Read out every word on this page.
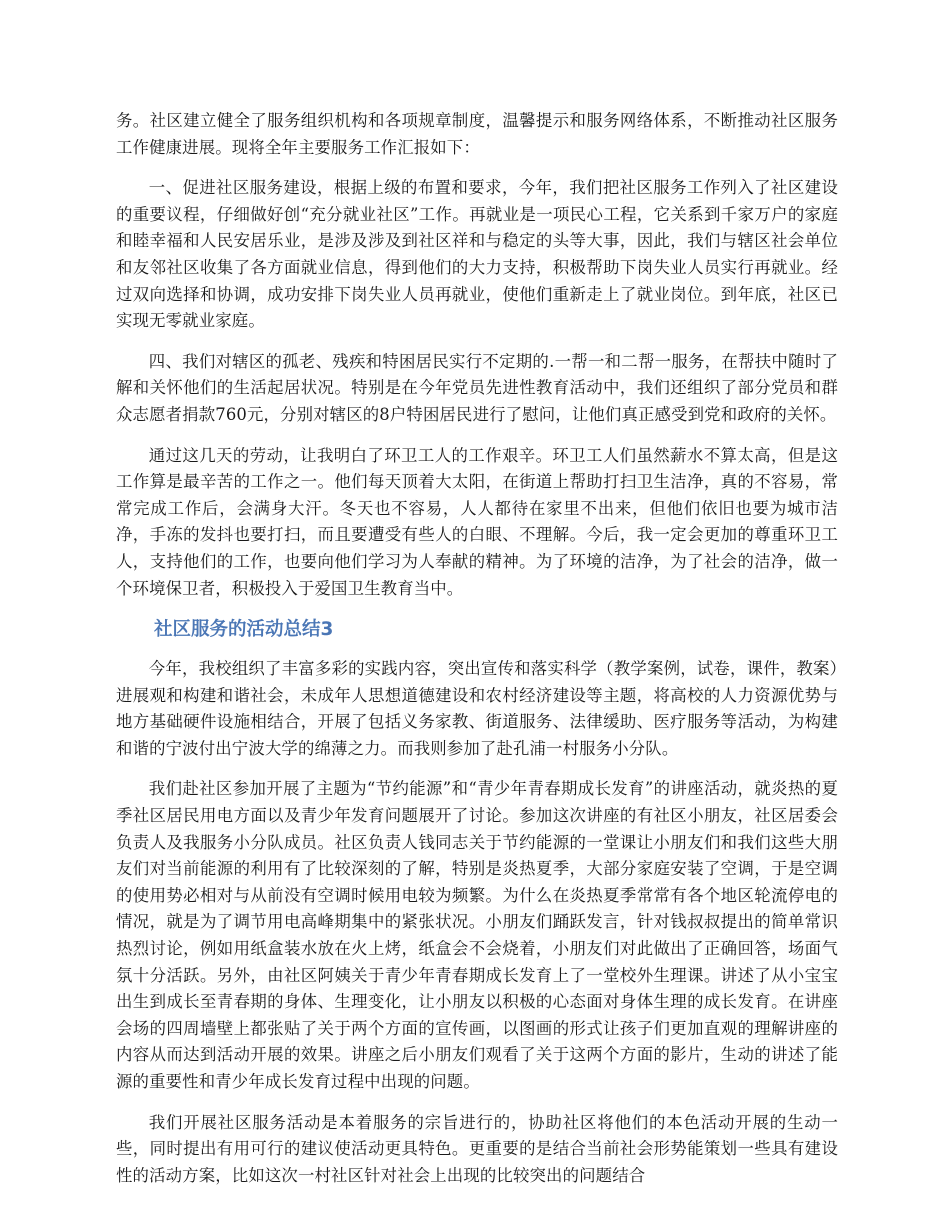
务。社区建立健全了服务组织机构和各项规章制度，温馨提示和服务网络体系，不断推动社区服务工作健康进展。现将全年主要服务工作汇报如下：

一、促进社区服务建设，根据上级的布置和要求，今年，我们把社区服务工作列入了社区建设的重要议程，仔细做好创“充分就业社区”工作。再就业是一项民心工程，它关系到千家万户的家庭和睦幸福和人民安居乐业，是涉及涉及到社区祥和与稳定的头等大事，因此，我们与辖区社会单位和友邻社区收集了各方面就业信息，得到他们的大力支持，积极帮助下岗失业人员实行再就业。经过双向选择和协调，成功安排下岗失业人员再就业，使他们重新走上了就业岗位。到年底，社区已实现无零就业家庭。

四、我们对辖区的孤老、残疾和特困居民实行不定期的.一帮一和二帮一服务，在帮扶中随时了解和关怀他们的生活起居状况。特别是在今年党员先进性教育活动中，我们还组织了部分党员和群众志愿者捐款760元，分别对辖区的8户特困居民进行了慰问，让他们真正感受到党和政府的关怀。

通过这几天的劳动，让我明白了环卫工人的工作艰辛。环卫工人们虽然薪水不算太高，但是这工作算是最辛苦的工作之一。他们每天顶着大太阳，在街道上帮助打扫卫生洁净，真的不容易，常常完成工作后，会满身大汗。冬天也不容易，人人都待在家里不出来，但他们依旧也要为城市洁净，手冻的发抖也要打扫，而且要遭受有些人的白眼、不理解。今后，我一定会更加的尊重环卫工人，支持他们的工作，也要向他们学习为人奉献的精神。为了环境的洁净，为了社会的洁净，做一个环境保卫者，积极投入于爱国卫生教育当中。

社区服务的活动总结3

今年，我校组织了丰富多彩的实践内容，突出宣传和落实科学（教学案例，试卷，课件，教案）进展观和构建和谐社会，未成年人思想道德建设和农村经济建设等主题，将高校的人力资源优势与地方基础硬件设施相结合，开展了包括义务家教、街道服务、法律缓助、医疗服务等活动，为构建和谐的宁波付出宁波大学的绵薄之力。而我则参加了赴孔浦一村服务小分队。

我们赴社区参加开展了主题为“节约能源”和“青少年青春期成长发育”的讲座活动，就炎热的夏季社区居民用电方面以及青少年发育问题展开了讨论。参加这次讲座的有社区小朋友，社区居委会负责人及我服务小分队成员。社区负责人钱同志关于节约能源的一堂课让小朋友们和我们这些大朋友们对当前能源的利用有了比较深刻的了解，特别是炎热夏季，大部分家庭安装了空调，于是空调的使用势必相对与从前没有空调时候用电较为频繁。为什么在炎热夏季常常有各个地区轮流停电的情况，就是为了调节用电高峰期集中的紧张状况。小朋友们踊跃发言，针对钱叔叔提出的简单常识热烈讨论，例如用纸盒装水放在火上烤，纸盒会不会烧着，小朋友们对此做出了正确回答，场面气氛十分活跃。另外，由社区阿姨关于青少年青春期成长发育上了一堂校外生理课。讲述了从小宝宝出生到成长至青春期的身体、生理变化，让小朋友以积极的心态面对身体生理的成长发育。在讲座会场的四周墙壁上都张贴了关于两个方面的宣传画，以图画的形式让孩子们更加直观的理解讲座的内容从而达到活动开展的效果。讲座之后小朋友们观看了关于这两个方面的影片，生动的讲述了能源的重要性和青少年成长发育过程中出现的问题。

我们开展社区服务活动是本着服务的宗旨进行的，协助社区将他们的本色活动开展的生动一些，同时提出有用可行的建议使活动更具特色。更重要的是结合当前社会形势能策划一些具有建设性的活动方案，比如这次一村社区针对社会上出现的比较突出的问题结合
